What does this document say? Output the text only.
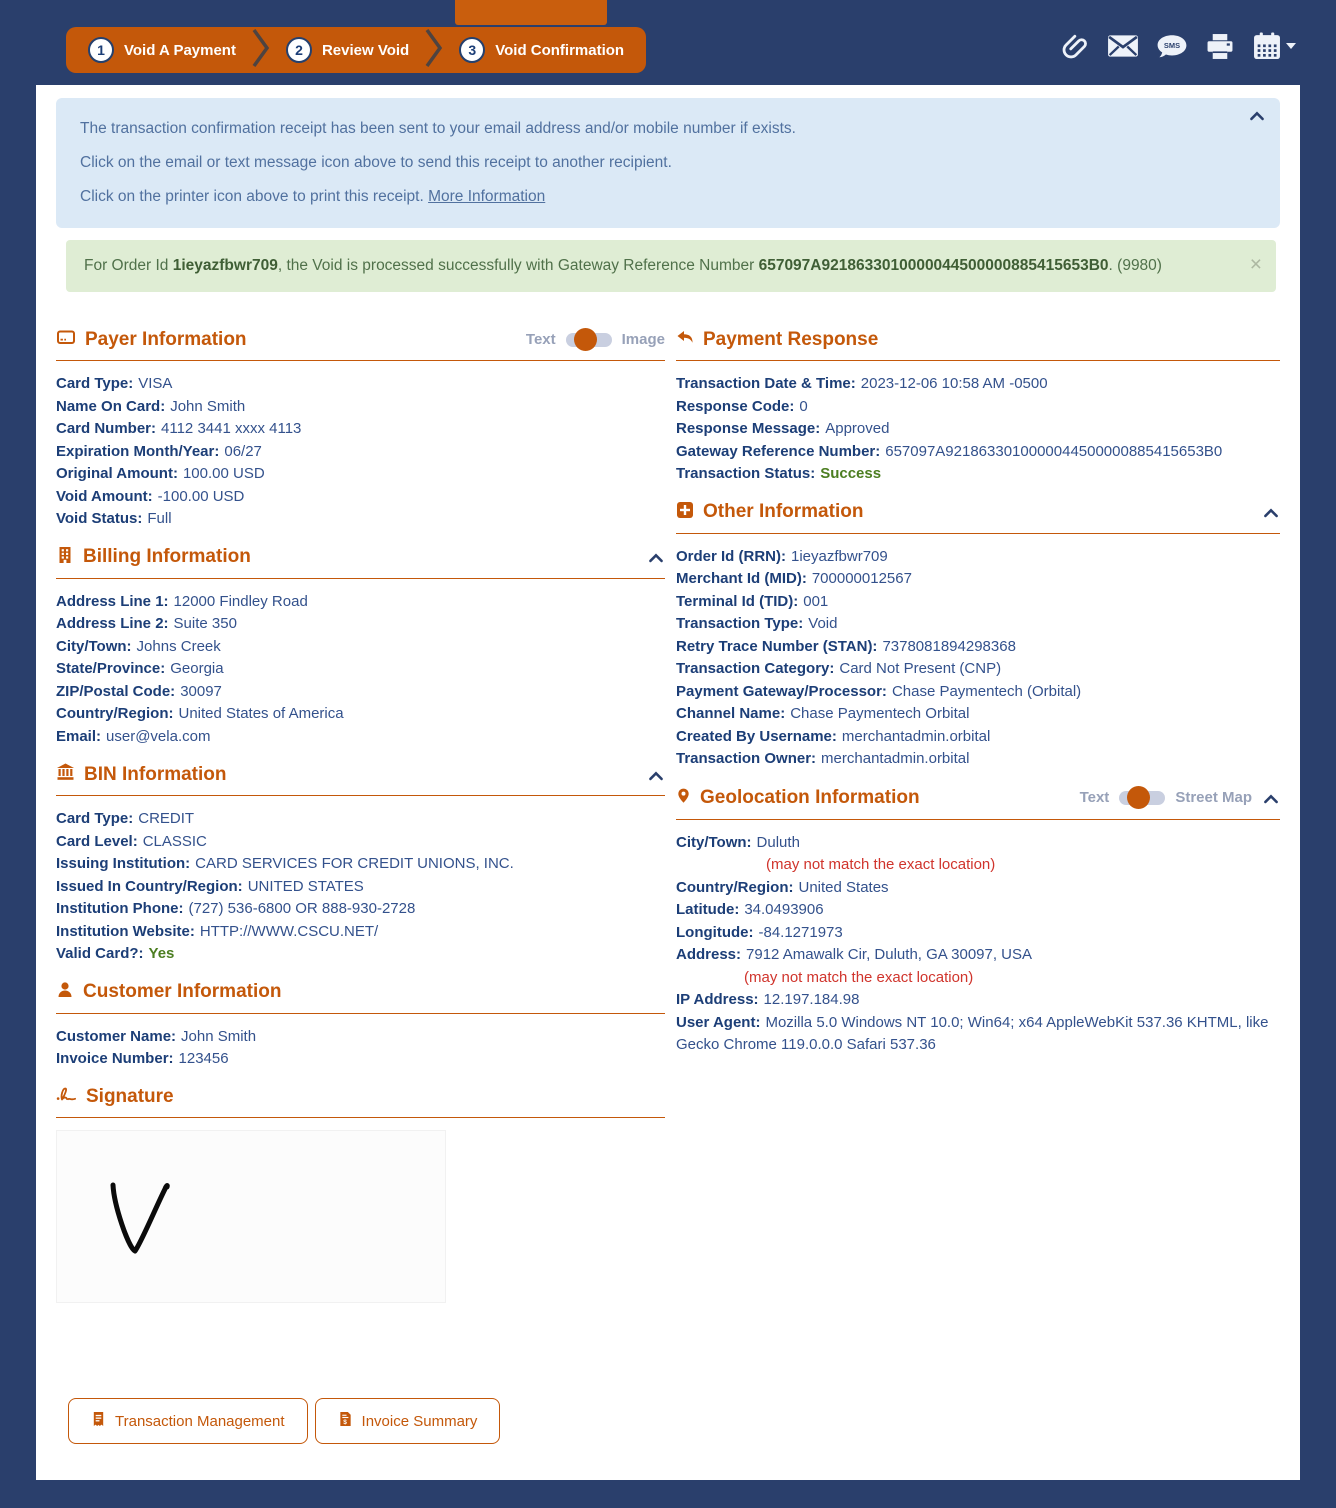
1	Void A Payment	2	Review Void	3	Void Confirmation	SMS

The transaction confirmation receipt has been sent to your email address and/or mobile number if exists.

Click on the email or text message icon above to send this receipt to another recipient.

Click on the printer icon above to print this receipt. More Information

For Order Id 1ieyazfbwr709, the Void is processed successfully with Gateway Reference Number 657097A9218633010000044500000885415653B0. (9980)	×
Payer Information	Text	Image
Card Type: VISA
Name On Card: John Smith
Card Number: 4112 3441 xxxx 4113
Expiration Month/Year: 06/27
Original Amount: 100.00 USD
Void Amount: -100.00 USD
Void Status: Full
Billing Information
Address Line 1: 12000 Findley Road
Address Line 2: Suite 350
City/Town: Johns Creek
State/Province: Georgia
ZIP/Postal Code: 30097
Country/Region: United States of America
Email: user@vela.com
BIN Information
Card Type: CREDIT
Card Level: CLASSIC
Issuing Institution: CARD SERVICES FOR CREDIT UNIONS, INC.
Issued In Country/Region: UNITED STATES
Institution Phone: (727) 536-6800 OR 888-930-2728
Institution Website: HTTP://WWW.CSCU.NET/
Valid Card?: Yes
Customer Information
Customer Name: John Smith
Invoice Number: 123456
Signature
Payment Response
Transaction Date & Time: 2023-12-06 10:58 AM -0500
Response Code: 0
Response Message: Approved
Gateway Reference Number: 657097A9218633010000044500000885415653B0
Transaction Status: Success
Other Information
Order Id (RRN): 1ieyazfbwr709
Merchant Id (MID): 700000012567
Terminal Id (TID): 001
Transaction Type: Void
Retry Trace Number (STAN): 7378081894298368
Transaction Category: Card Not Present (CNP)
Payment Gateway/Processor: Chase Paymentech (Orbital)
Channel Name: Chase Paymentech Orbital
Created By Username: merchantadmin.orbital
Transaction Owner: merchantadmin.orbital
Geolocation Information	Text	Street Map
City/Town: Duluth
(may not match the exact location)
Country/Region: United States
Latitude: 34.0493906
Longitude: -84.1271973
Address: 7912 Amawalk Cir, Duluth, GA 30097, USA
(may not match the exact location)
IP Address: 12.197.184.98
User Agent: Mozilla 5.0 Windows NT 10.0; Win64; x64 AppleWebKit 537.36 KHTML, like Gecko Chrome 119.0.0.0 Safari 537.36
Transaction Management	$ Invoice Summary
